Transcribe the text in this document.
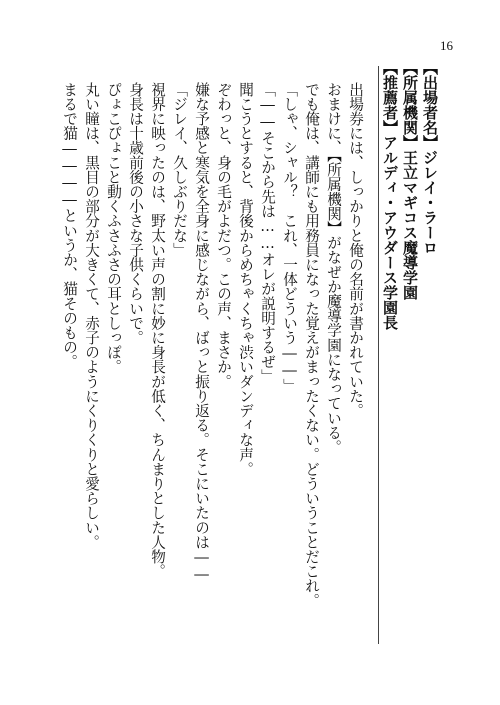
16
【出場者名】ジレイ・ラーロ
【所属機関】王立マギコス魔導学園
【推薦者】アルディ・アウダース学園長
出場券には、しっかりと俺の名前が書かれていた。
おまけに、【所属機関】がなぜか魔導学園になっている。
でも俺は、講師にも用務員になった覚えがまったくない。どういうことだこれ。
「しゃ、シャル？　これ、一体どういう――」
「――そこから先は……オレが説明するぜ」
聞こうとすると、背後からめちゃくちゃ渋いダンディな声。
ぞわっと、身の毛がよだつ。この声、まさか。
嫌な予感と寒気を全身に感じながら、ばっと振り返る。そこにいたのは――
「ジレイ、久しぶりだな」
視界に映ったのは、野太い声の割に妙に身長が低く、ちんまりとした人物。
身長は十歳前後の小さな子供くらいで。
ぴょこぴょこと動くふさふさの耳としっぽ。
丸い瞳は、黒目の部分が大きくて、赤子のようにくりくりと愛らしい。
まるで猫――――というか、猫そのもの。
